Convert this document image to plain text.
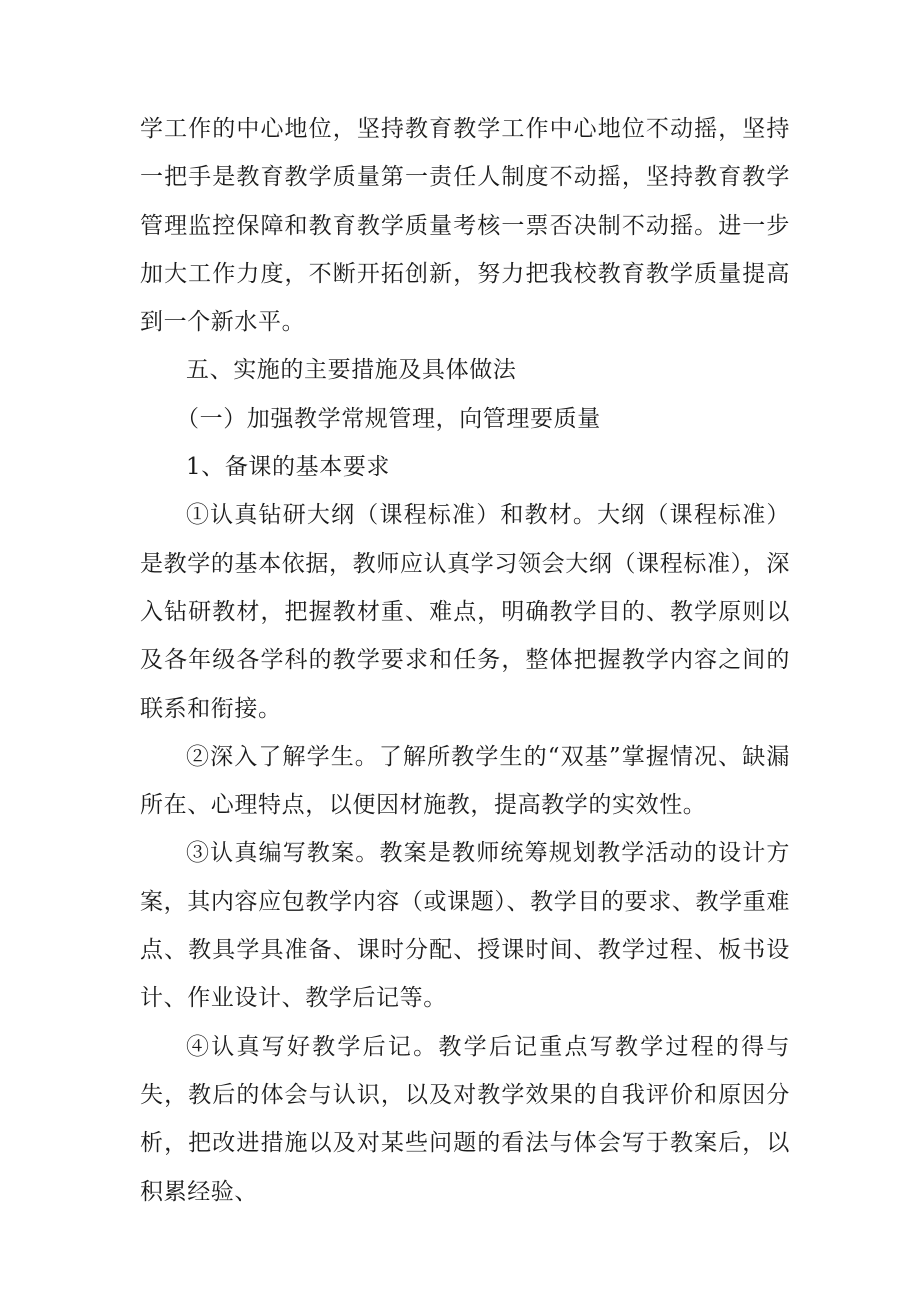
学工作的中心地位，坚持教育教学工作中心地位不动摇，坚持一把手是教育教学质量第一责任人制度不动摇，坚持教育教学管理监控保障和教育教学质量考核一票否决制不动摇。进一步加大工作力度，不断开拓创新，努力把我校教育教学质量提高到一个新水平。

五、实施的主要措施及具体做法

（一）加强教学常规管理，向管理要质量

1、备课的基本要求

①认真钻研大纲（课程标准）和教材。大纲（课程标准）是教学的基本依据，教师应认真学习领会大纲（课程标准），深入钻研教材，把握教材重、难点，明确教学目的、教学原则以及各年级各学科的教学要求和任务，整体把握教学内容之间的联系和衔接。

②深入了解学生。了解所教学生的“双基”掌握情况、缺漏所在、心理特点，以便因材施教，提高教学的实效性。

③认真编写教案。教案是教师统筹规划教学活动的设计方案，其内容应包教学内容（或课题）、教学目的要求、教学重难点、教具学具准备、课时分配、授课时间、教学过程、板书设计、作业设计、教学后记等。

④认真写好教学后记。教学后记重点写教学过程的得与失，教后的体会与认识，以及对教学效果的自我评价和原因分析，把改进措施以及对某些问题的看法与体会写于教案后，以积累经验、
